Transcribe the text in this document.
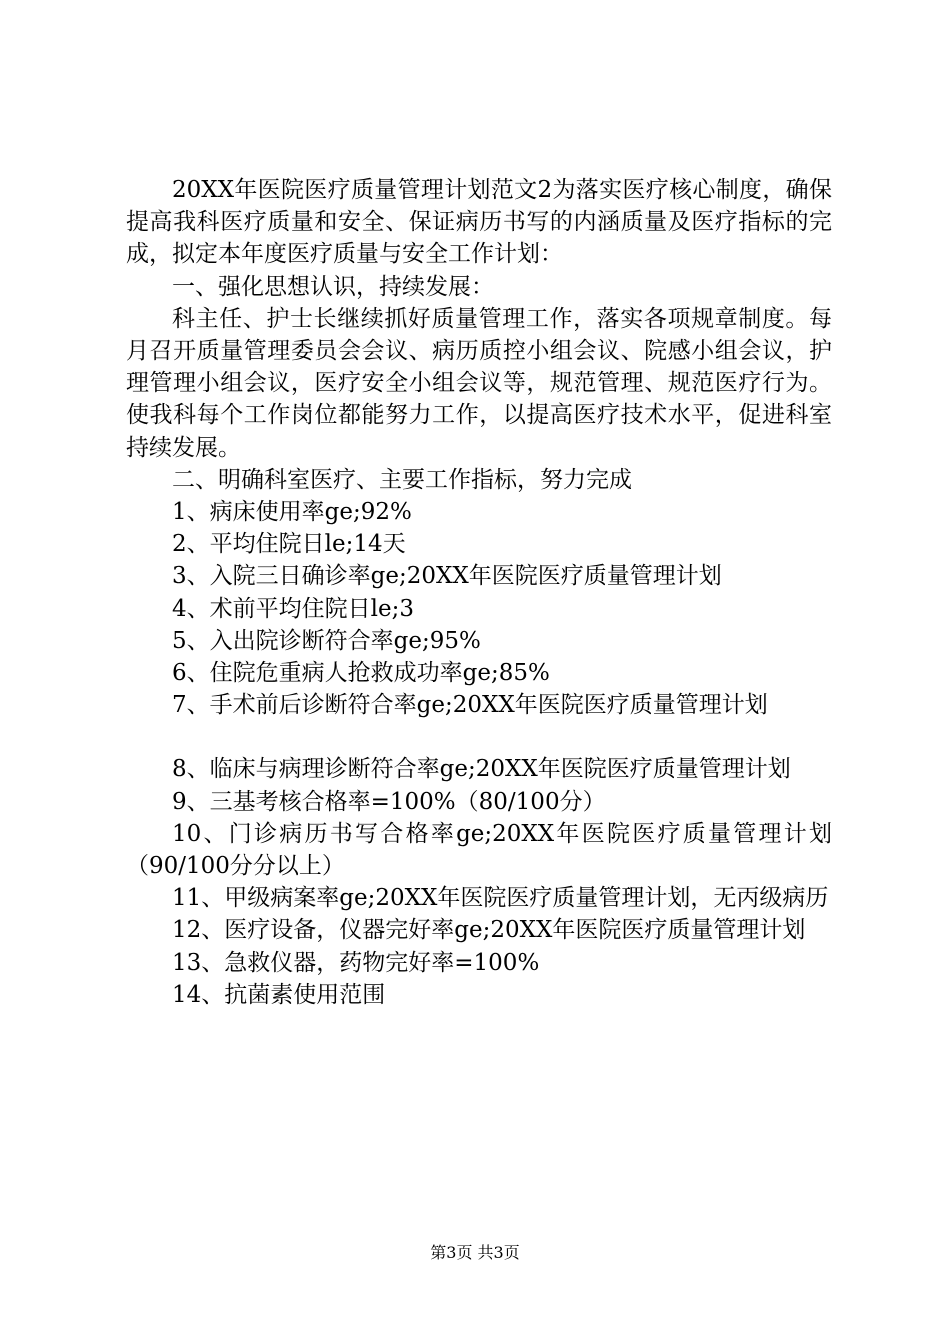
20XX年医院医疗质量管理计划范文2为落实医疗核心制度，确保提高我科医疗质量和安全、保证病历书写的内涵质量及医疗指标的完成，拟定本年度医疗质量与安全工作计划：

一、强化思想认识，持续发展：

科主任、护士长继续抓好质量管理工作，落实各项规章制度。每月召开质量管理委员会会议、病历质控小组会议、院感小组会议，护理管理小组会议，医疗安全小组会议等，规范管理、规范医疗行为。使我科每个工作岗位都能努力工作，以提高医疗技术水平，促进科室持续发展。

二、明确科室医疗、主要工作指标，努力完成

1、病床使用率ge;92%

2、平均住院日le;14天

3、入院三日确诊率ge;20XX年医院医疗质量管理计划

4、术前平均住院日le;3

5、入出院诊断符合率ge;95%

6、住院危重病人抢救成功率ge;85%

7、手术前后诊断符合率ge;20XX年医院医疗质量管理计划

8、临床与病理诊断符合率ge;20XX年医院医疗质量管理计划

9、三基考核合格率=100%（80/100分）

10、门诊病历书写合格率ge;20XX年医院医疗质量管理计划（90/100分分以上）

11、甲级病案率ge;20XX年医院医疗质量管理计划，无丙级病历

12、医疗设备，仪器完好率ge;20XX年医院医疗质量管理计划

13、急救仪器，药物完好率=100%

14、抗菌素使用范围

第3页 共3页
